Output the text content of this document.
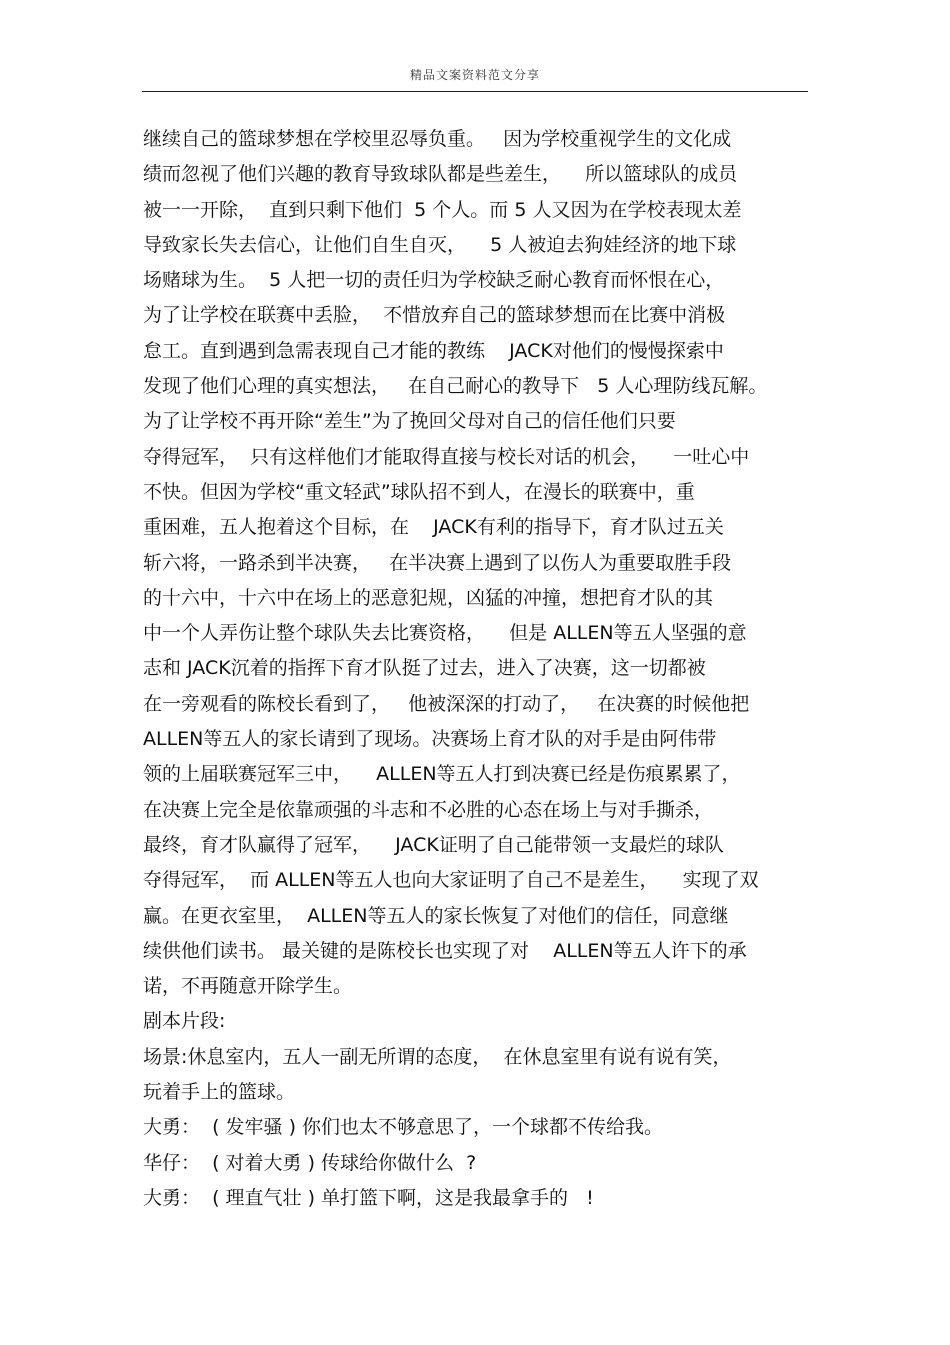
精品文案资料范文分享
继续自己的篮球梦想在学校里忍辱负重。   因为学校重视学生的文化成
绩而忽视了他们兴趣的教育导致球队都是些差生，    所以篮球队的成员
被一一开除，  直到只剩下他们  5 个人。而 5 人又因为在学校表现太差
导致家长失去信心，让他们自生自灭，    5 人被迫去狗娃经济的地下球
场赌球为生。  5 人把一切的责任归为学校缺乏耐心教育而怀恨在心，
为了让学校在联赛中丢脸，  不惜放弃自己的篮球梦想而在比赛中消极
怠工。直到遇到急需表现自己才能的教练    JACK对他们的慢慢探索中
发现了他们心理的真实想法，   在自己耐心的教导下   5 人心理防线瓦解。
为了让学校不再开除“差生”为了挽回父母对自己的信任他们只要
夺得冠军，  只有这样他们才能取得直接与校长对话的机会，    一吐心中
不快。但因为学校“重文轻武”球队招不到人，在漫长的联赛中，重
重困难，五人抱着这个目标，在    JACK有利的指导下，育才队过五关
斩六将，一路杀到半决赛，   在半决赛上遇到了以伤人为重要取胜手段
的十六中，十六中在场上的恶意犯规，凶猛的冲撞，想把育才队的其
中一个人弄伤让整个球队失去比赛资格，    但是 ALLEN等五人坚强的意
志和 JACK沉着的指挥下育才队挺了过去，进入了决赛，这一切都被
在一旁观看的陈校长看到了，   他被深深的打动了，   在决赛的时候他把
ALLEN等五人的家长请到了现场。决赛场上育才队的对手是由阿伟带
领的上届联赛冠军三中，    ALLEN等五人打到决赛已经是伤痕累累了，
在决赛上完全是依靠顽强的斗志和不必胜的心态在场上与对手撕杀，
最终，育才队赢得了冠军，    JACK证明了自己能带领一支最烂的球队
夺得冠军，  而 ALLEN等五人也向大家证明了自己不是差生，    实现了双
赢。在更衣室里，  ALLEN等五人的家长恢复了对他们的信任，同意继
续供他们读书。 最关键的是陈校长也实现了对    ALLEN等五人许下的承
诺，不再随意开除学生。
剧本片段:
场景:休息室内，五人一副无所谓的态度，  在休息室里有说有说有笑，
玩着手上的篮球。
大勇：  ( 发牢骚 ) 你们也太不够意思了，一个球都不传给我。
华仔：  ( 对着大勇 ) 传球给你做什么  ?
大勇：  ( 理直气壮 ) 单打篮下啊，这是我最拿手的   !
